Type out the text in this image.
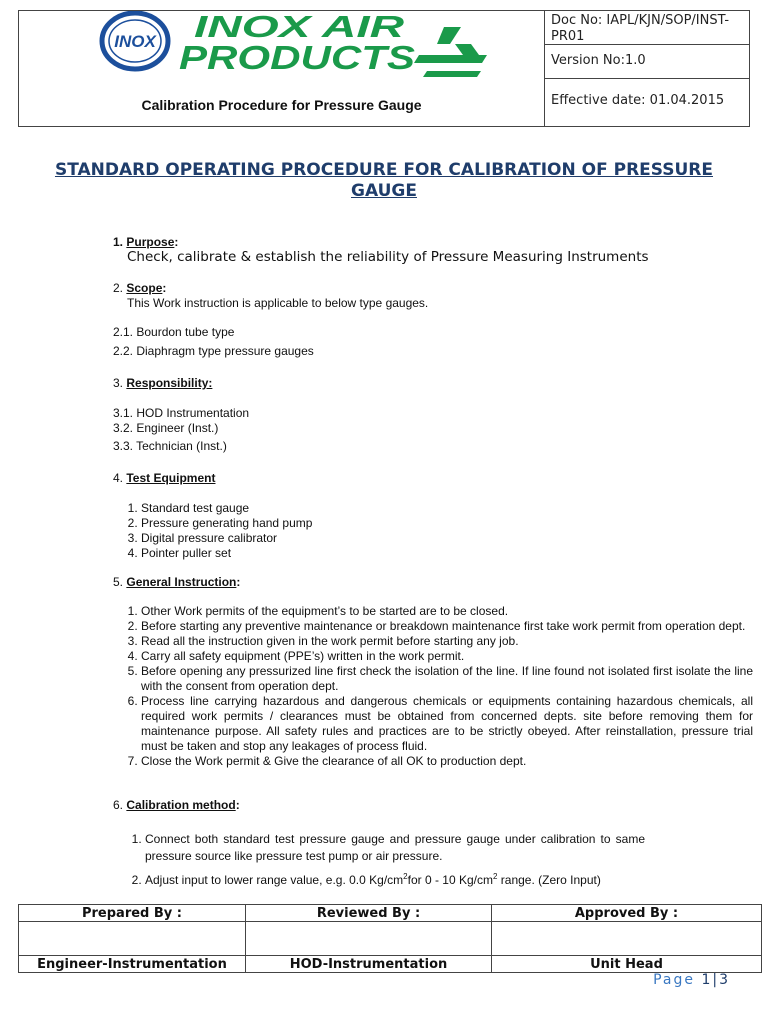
INOX INOX AIR
PRODUCTS
Calibration Procedure for Pressure Gauge
Doc No: IAPL/KJN/SOP/INST-PR01
Version No:1.0
Effective date: 01.04.2015
STANDARD OPERATING PROCEDURE FOR CALIBRATION OF PRESSURE GAUGE
1. Purpose:
Check, calibrate & establish the reliability of Pressure Measuring Instruments
2. Scope:
This Work instruction is applicable to below type gauges.
2.1. Bourdon tube type
2.2. Diaphragm type pressure gauges
3. Responsibility:
3.1. HOD Instrumentation
3.2. Engineer (Inst.)
3.3. Technician (Inst.)
4. Test Equipment
1. Standard test gauge
2. Pressure generating hand pump
3. Digital pressure calibrator
4. Pointer puller set
5. General Instruction:
1. Other Work permits of the equipment’s to be started are to be closed.
2. Before starting any preventive maintenance or breakdown maintenance first take work permit from operation dept.
3. Read all the instruction given in the work permit before starting any job.
4. Carry all safety equipment (PPE’s) written in the work permit.
5. Before opening any pressurized line first check the isolation of the line. If line found not isolated first isolate the line with the consent from operation dept.
6. Process line carrying hazardous and dangerous chemicals or equipments containing hazardous chemicals, all required work permits / clearances must be obtained from concerned depts. site before removing them for maintenance purpose. All safety rules and practices are to be strictly obeyed. After reinstallation, pressure trial must be taken and stop any leakages of process fluid.
7. Close the Work permit & Give the clearance of all OK to production dept.
6. Calibration method:
1. Connect both standard test pressure gauge and pressure gauge under calibration to same pressure source like pressure test pump or air pressure.
2. Adjust input to lower range value, e.g. 0.0 $Kg/cm^2for$ 0 - 10 $Kg/cm^2$ range. (Zero Input)
Prepared By :	Reviewed By :	Approved By :

Engineer-Instrumentation	HOD-Instrumentation	Unit Head
Page 1|3
